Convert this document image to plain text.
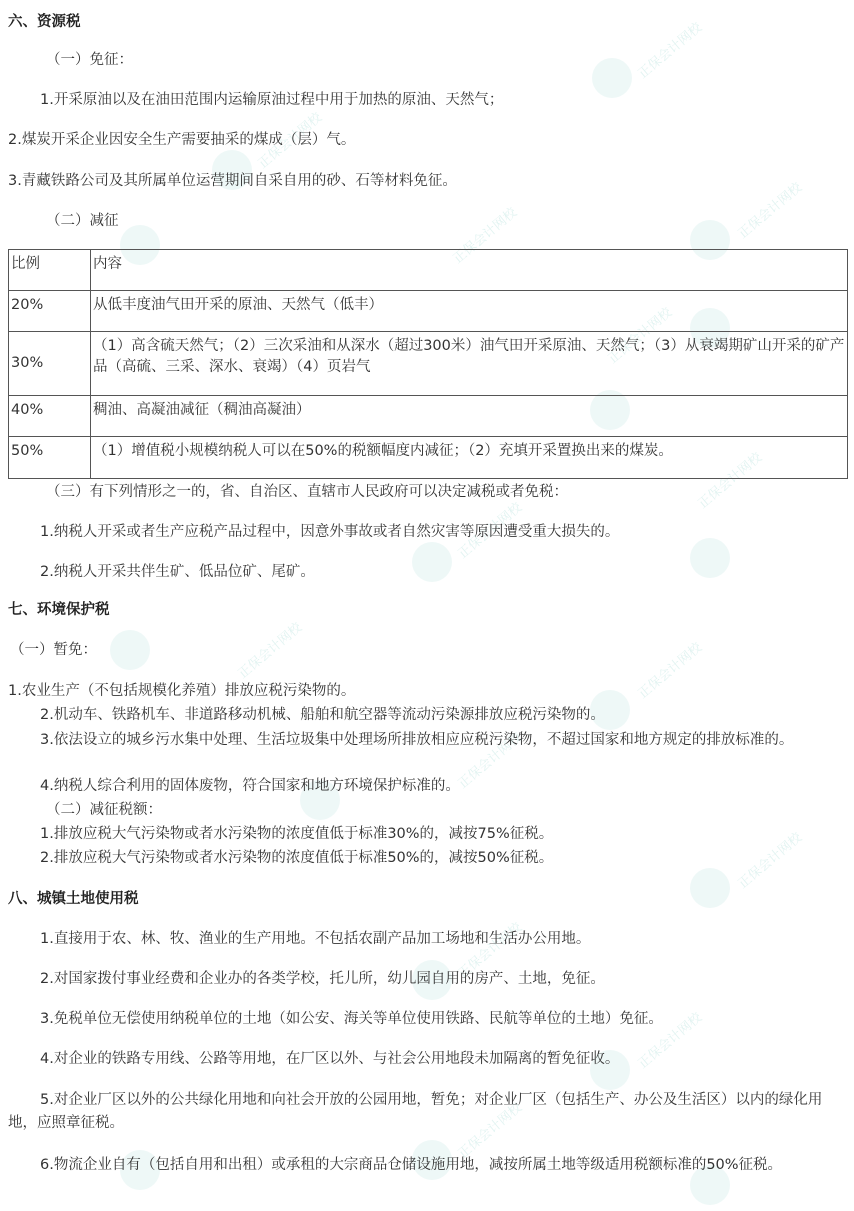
正保会计网校
正保会计网校
正保会计网校
正保会计网校
正保会计网校
正保会计网校
正保会计网校
正保会计网校	正保会计网校
正保会计网校
正保会计网校
正保会计网校
正保会计网校
正保会计网校
六、资源税
（一）免征：
1.开采原油以及在油田范围内运输原油过程中用于加热的原油、天然气；
2.煤炭开采企业因安全生产需要抽采的煤成（层）气。
3.青藏铁路公司及其所属单位运营期间自采自用的砂、石等材料免征。
（二）减征
比例	内容
20%	从低丰度油气田开采的原油、天然气（低丰）
30%	（1）高含硫天然气；（2）三次采油和从深水（超过300米）油气田开采原油、天然气；（3）从衰竭期矿山开采的矿产品（高硫、三采、深水、衰竭）（4）页岩气
40%	稠油、高凝油减征（稠油高凝油）
50%	（1）增值税小规模纳税人可以在50%的税额幅度内减征；（2）充填开采置换出来的煤炭。
（三）有下列情形之一的，省、自治区、直辖市人民政府可以决定减税或者免税：
1.纳税人开采或者生产应税产品过程中，因意外事故或者自然灾害等原因遭受重大损失的。
2.纳税人开采共伴生矿、低品位矿、尾矿。
七、环境保护税
（一）暂免：
1.农业生产（不包括规模化养殖）排放应税污染物的。
2.机动车、铁路机车、非道路移动机械、船舶和航空器等流动污染源排放应税污染物的。
3.依法设立的城乡污水集中处理、生活垃圾集中处理场所排放相应应税污染物，不超过国家和地方规定的排放标准的。
4.纳税人综合利用的固体废物，符合国家和地方环境保护标准的。
（二）减征税额：
1.排放应税大气污染物或者水污染物的浓度值低于标准30%的，减按75%征税。
2.排放应税大气污染物或者水污染物的浓度值低于标准50%的，减按50%征税。
八、城镇土地使用税
1.直接用于农、林、牧、渔业的生产用地。不包括农副产品加工场地和生活办公用地。
2.对国家拨付事业经费和企业办的各类学校，托儿所，幼儿园自用的房产、土地，免征。
3.免税单位无偿使用纳税单位的土地（如公安、海关等单位使用铁路、民航等单位的土地）免征。
4.对企业的铁路专用线、公路等用地，在厂区以外、与社会公用地段未加隔离的暂免征收。
5.对企业厂区以外的公共绿化用地和向社会开放的公园用地，暂免；对企业厂区（包括生产、办公及生活区）以内的绿化用地，应照章征税。
6.物流企业自有（包括自用和出租）或承租的大宗商品仓储设施用地，减按所属土地等级适用税额标准的50%征税。
